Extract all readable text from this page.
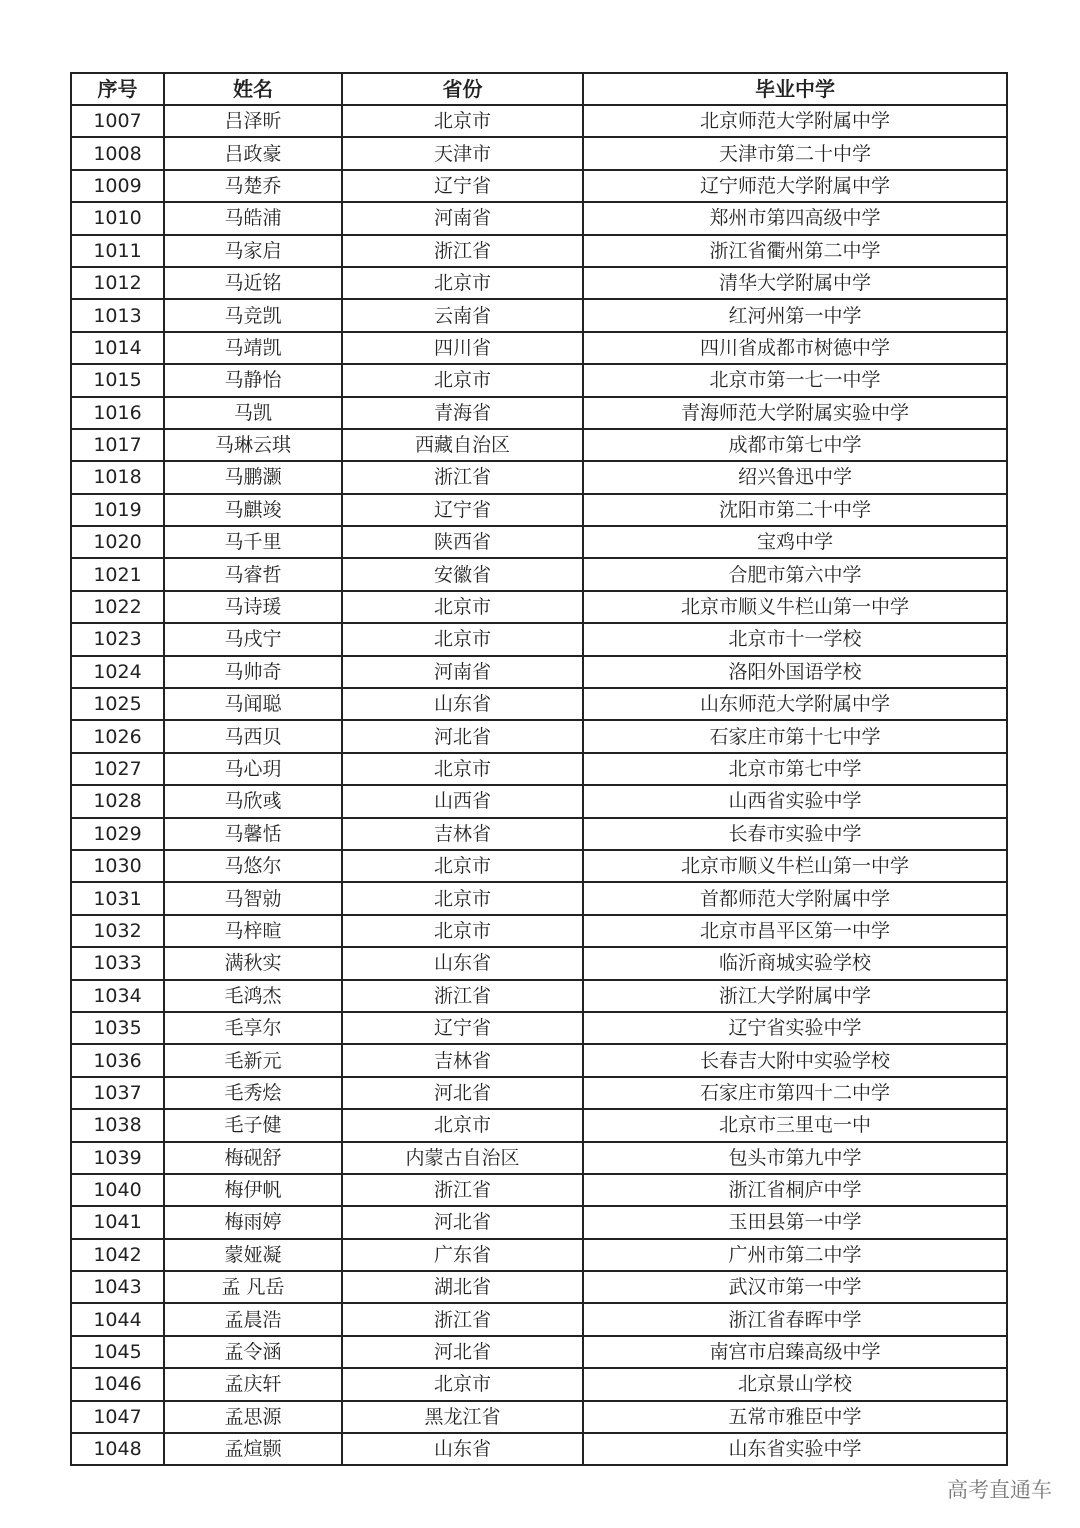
序号	姓名	省份	毕业中学
1007	吕泽昕	北京市	北京师范大学附属中学
1008	吕政豪	天津市	天津市第二十中学
1009	马楚乔	辽宁省	辽宁师范大学附属中学
1010	马皓浦	河南省	郑州市第四高级中学
1011	马家启	浙江省	浙江省衢州第二中学
1012	马近铭	北京市	清华大学附属中学
1013	马竞凯	云南省	红河州第一中学
1014	马靖凯	四川省	四川省成都市树德中学
1015	马静怡	北京市	北京市第一七一中学
1016	马凯	青海省	青海师范大学附属实验中学
1017	马琳云琪	西藏自治区	成都市第七中学
1018	马鹏灏	浙江省	绍兴鲁迅中学
1019	马麒竣	辽宁省	沈阳市第二十中学
1020	马千里	陕西省	宝鸡中学
1021	马睿哲	安徽省	合肥市第六中学
1022	马诗瑗	北京市	北京市顺义牛栏山第一中学
1023	马戌宁	北京市	北京市十一学校
1024	马帅奇	河南省	洛阳外国语学校
1025	马闻聪	山东省	山东师范大学附属中学
1026	马西贝	河北省	石家庄市第十七中学
1027	马心玥	北京市	北京市第七中学
1028	马欣彧	山西省	山西省实验中学
1029	马馨恬	吉林省	长春市实验中学
1030	马悠尔	北京市	北京市顺义牛栏山第一中学
1031	马智勍	北京市	首都师范大学附属中学
1032	马梓暄	北京市	北京市昌平区第一中学
1033	满秋实	山东省	临沂商城实验学校
1034	毛鸿杰	浙江省	浙江大学附属中学
1035	毛享尔	辽宁省	辽宁省实验中学
1036	毛新元	吉林省	长春吉大附中实验学校
1037	毛秀烩	河北省	石家庄市第四十二中学
1038	毛子健	北京市	北京市三里屯一中
1039	梅砚舒	内蒙古自治区	包头市第九中学
1040	梅伊帆	浙江省	浙江省桐庐中学
1041	梅雨婷	河北省	玉田县第一中学
1042	蒙娅凝	广东省	广州市第二中学
1043	孟 凡岳	湖北省	武汉市第一中学
1044	孟晨浩	浙江省	浙江省春晖中学
1045	孟令涵	河北省	南宫市启臻高级中学
1046	孟庆轩	北京市	北京景山学校
1047	孟思源	黑龙江省	五常市雅臣中学
1048	孟煊颢	山东省	山东省实验中学
高考直通车
